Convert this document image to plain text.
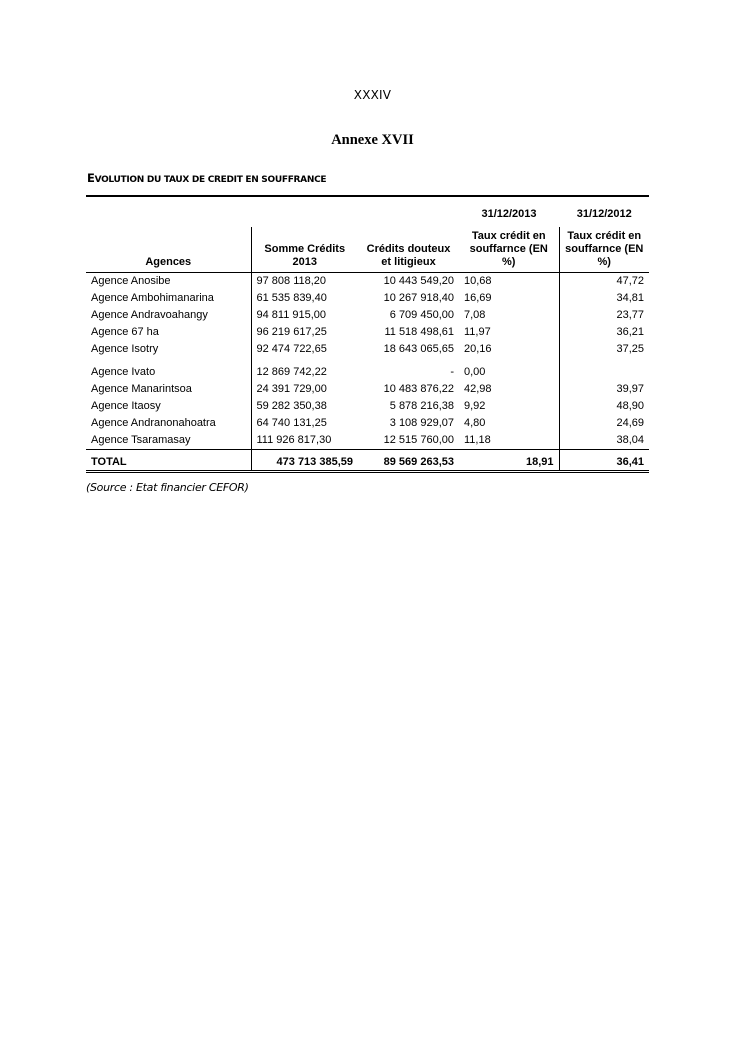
XXXIV
Annexe XVII
EVOLUTION DU TAUX DE CREDIT EN SOUFFRANCE
			31/12/2013	31/12/2012
Agences	Somme Crédits 2013	Crédits douteux et litigieux	Taux crédit en souffarnce (EN %)	Taux crédit en souffarnce (EN %)
Agence Anosibe	97 808 118,20	10 443 549,20	10,68	47,72
Agence Ambohimanarina	61 535 839,40	10 267 918,40	16,69	34,81
Agence Andravoahangy	94 811 915,00	6 709 450,00	7,08	23,77
Agence 67 ha	96 219 617,25	11 518 498,61	11,97	36,21
Agence Isotry	92 474 722,65	18 643 065,65	20,16	37,25
Agence Ivato	12 869 742,22	-	0,00	
Agence Manarintsoa	24 391 729,00	10 483 876,22	42,98	39,97
Agence Itaosy	59 282 350,38	5 878 216,38	9,92	48,90
Agence Andranonahoatra	64 740 131,25	3 108 929,07	4,80	24,69
Agence Tsaramasay	111 926 817,30	12 515 760,00	11,18	38,04
TOTAL	473 713 385,59	89 569 263,53	18,91	36,41
(Source : Etat financier CEFOR)
